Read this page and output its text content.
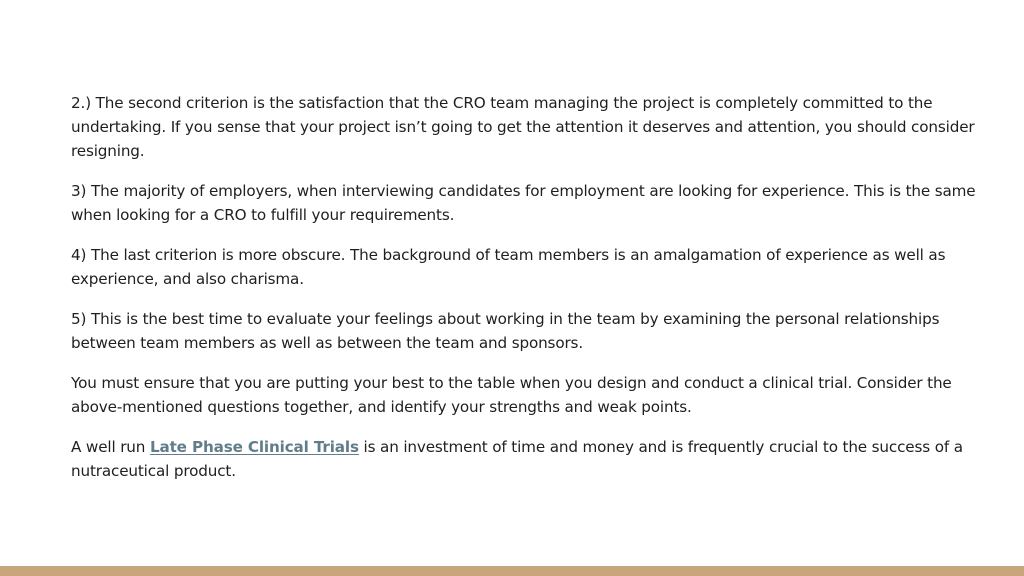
2.) The second criterion is the satisfaction that the CRO team managing the project is completely committed to the undertaking. If you sense that your project isn’t going to get the attention it deserves and attention, you should consider resigning.

3) The majority of employers, when interviewing candidates for employment are looking for experience. This is the same when looking for a CRO to fulfill your requirements.

4) The last criterion is more obscure. The background of team members is an amalgamation of experience as well as experience, and also charisma.

5) This is the best time to evaluate your feelings about working in the team by examining the personal relationships between team members as well as between the team and sponsors.

You must ensure that you are putting your best to the table when you design and conduct a clinical trial. Consider the above-mentioned questions together, and identify your strengths and weak points.

A well run Late Phase Clinical Trials is an investment of time and money and is frequently crucial to the success of a nutraceutical product.
